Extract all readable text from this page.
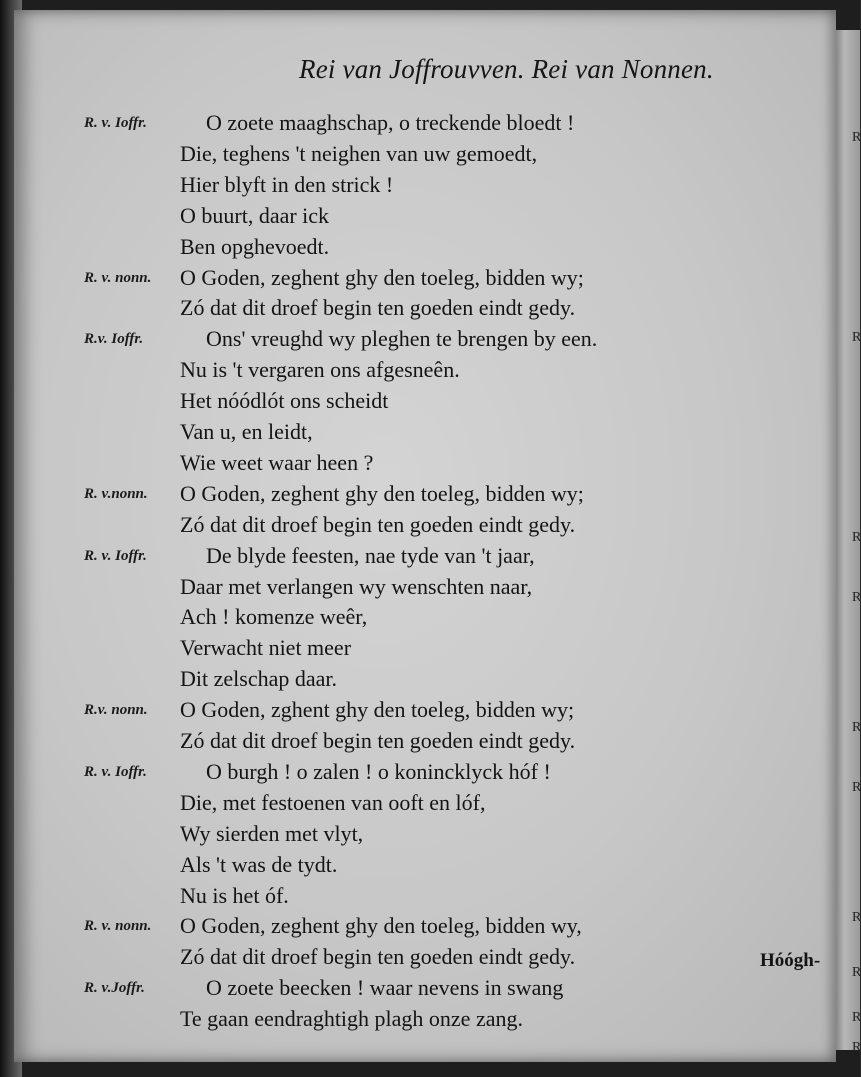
R
R
R
R
R
R
R
R
R
R
Rei van Joffrouvven. Rei van Nonnen.
R. v. Ioffr.	O zoete maaghschap, o treckende bloedt !
Die, teghens 't neighen van uw gemoedt,
Hier blyft in den strick !
O buurt, daar ick
Ben opghevoedt.
R. v. nonn. O Goden, zeghent ghy den toeleg, bidden wy;
Zó dat dit droef begin ten goeden eindt gedy.
R.v. Ioffr.	Ons' vreughd wy pleghen te brengen by een.
Nu is 't vergaren ons afgesneên.
Het nóódlót ons scheidt
Van u, en leidt,
Wie weet waar heen ?
R. v.nonn. O Goden, zeghent ghy den toeleg, bidden wy;
Zó dat dit droef begin ten goeden eindt gedy.
R. v. Ioffr.	De blyde feesten, nae tyde van 't jaar,
Daar met verlangen wy wenschten naar,
Ach ! komenze weêr,
Verwacht niet meer
Dit zelschap daar.
R.v. nonn. O Goden, zghent ghy den toeleg, bidden wy;
Zó dat dit droef begin ten goeden eindt gedy.
R. v. Ioffr.	O burgh ! o zalen ! o konincklyck hóf !
Die, met festoenen van ooft en lóf,
Wy sierden met vlyt,
Als 't was de tydt.
Nu is het óf.
R. v. nonn. O Goden, zeghent ghy den toeleg, bidden wy,
Zó dat dit droef begin ten goeden eindt gedy.
R. v.Joffr.	O zoete beecken ! waar nevens in swang
Te gaan eendraghtigh plagh onze zang.
Hóógh-
